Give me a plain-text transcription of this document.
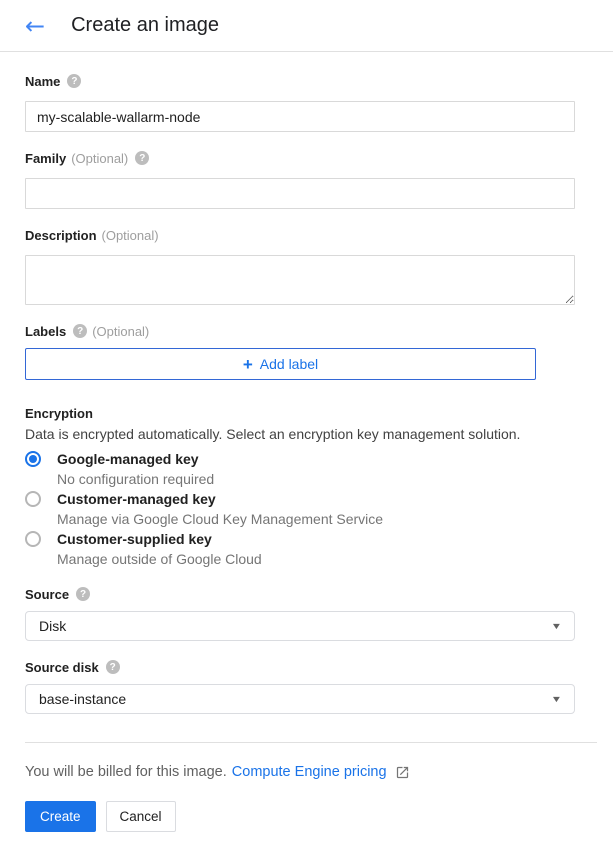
← Create an image
Name	?
my-scalable-wallarm-node
Family (Optional)	?
Description (Optional)
Labels	? (Optional)
+ Add label
Encryption
Data is encrypted automatically. Select an encryption key management solution.
Google-managed key
No configuration required
Customer-managed key
Manage via Google Cloud Key Management Service
Customer-supplied key
Manage outside of Google Cloud
Source	?
Disk	▼
Source disk	?
base-instance	▼
You will be billed for this image. Compute Engine pricing
Create	Cancel
